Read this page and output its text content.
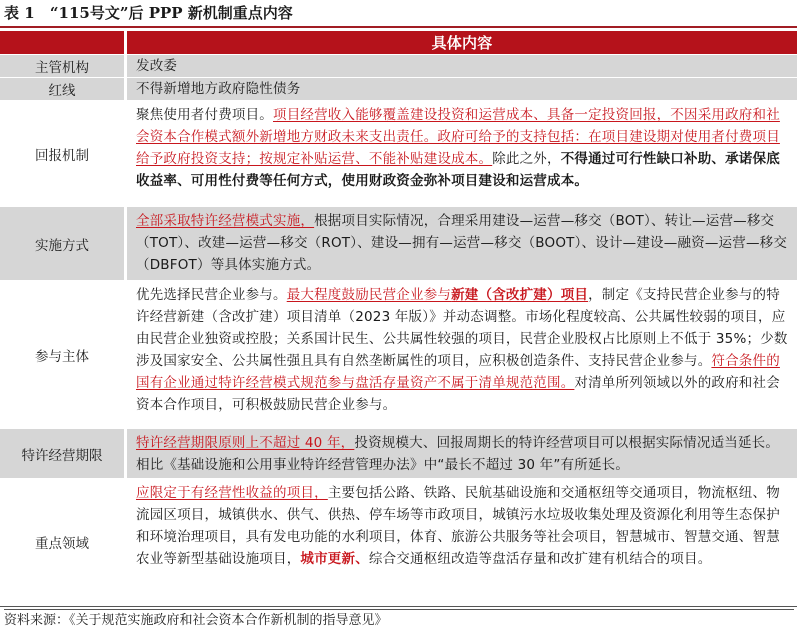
表 1 “115号文”后 PPP 新机制重点内容
具体内容
主管机构	发改委
红线	不得新增地方政府隐性债务
回报机制
聚焦使用者付费项目。项目经营收入能够覆盖建设投资和运营成本、具备一定投资回报，不因采用政府和社会资本合作模式额外新增地方财政未来支出责任。政府可给予的支持包括：在项目建设期对使用者付费项目给予政府投资支持；按规定补贴运营、不能补贴建设成本。除此之外，不得通过可行性缺口补助、承诺保底收益率、可用性付费等任何方式，使用财政资金弥补项目建设和运营成本。
实施方式
全部采取特许经营模式实施，根据项目实际情况，合理采用建设—运营—移交（BOT）、转让—运营—移交（TOT）、改建—运营—移交（ROT）、建设—拥有—运营—移交（BOOT）、设计—建设—融资—运营—移交（DBFOT）等具体实施方式。
参与主体
优先选择民营企业参与。最大程度鼓励民营企业参与新建（含改扩建）项目，制定《支持民营企业参与的特许经营新建（含改扩建）项目清单（2023 年版）》并动态调整。市场化程度较高、公共属性较弱的项目，应由民营企业独资或控股；关系国计民生、公共属性较强的项目，民营企业股权占比原则上不低于 35%；少数涉及国家安全、公共属性强且具有自然垄断属性的项目，应积极创造条件、支持民营企业参与。符合条件的国有企业通过特许经营模式规范参与盘活存量资产不属于清单规范范围。对清单所列领域以外的政府和社会资本合作项目，可积极鼓励民营企业参与。
特许经营期限
特许经营期限原则上不超过 40 年，投资规模大、回报周期长的特许经营项目可以根据实际情况适当延长。相比《基础设施和公用事业特许经营管理办法》中“最长不超过 30 年”有所延长。
重点领域
应限定于有经营性收益的项目，主要包括公路、铁路、民航基础设施和交通枢纽等交通项目，物流枢纽、物流园区项目，城镇供水、供气、供热、停车场等市政项目，城镇污水垃圾收集处理及资源化利用等生态保护和环境治理项目，具有发电功能的水利项目，体育、旅游公共服务等社会项目，智慧城市、智慧交通、智慧农业等新型基础设施项目，城市更新、综合交通枢纽改造等盘活存量和改扩建有机结合的项目。
资料来源：《关于规范实施政府和社会资本合作新机制的指导意见》
